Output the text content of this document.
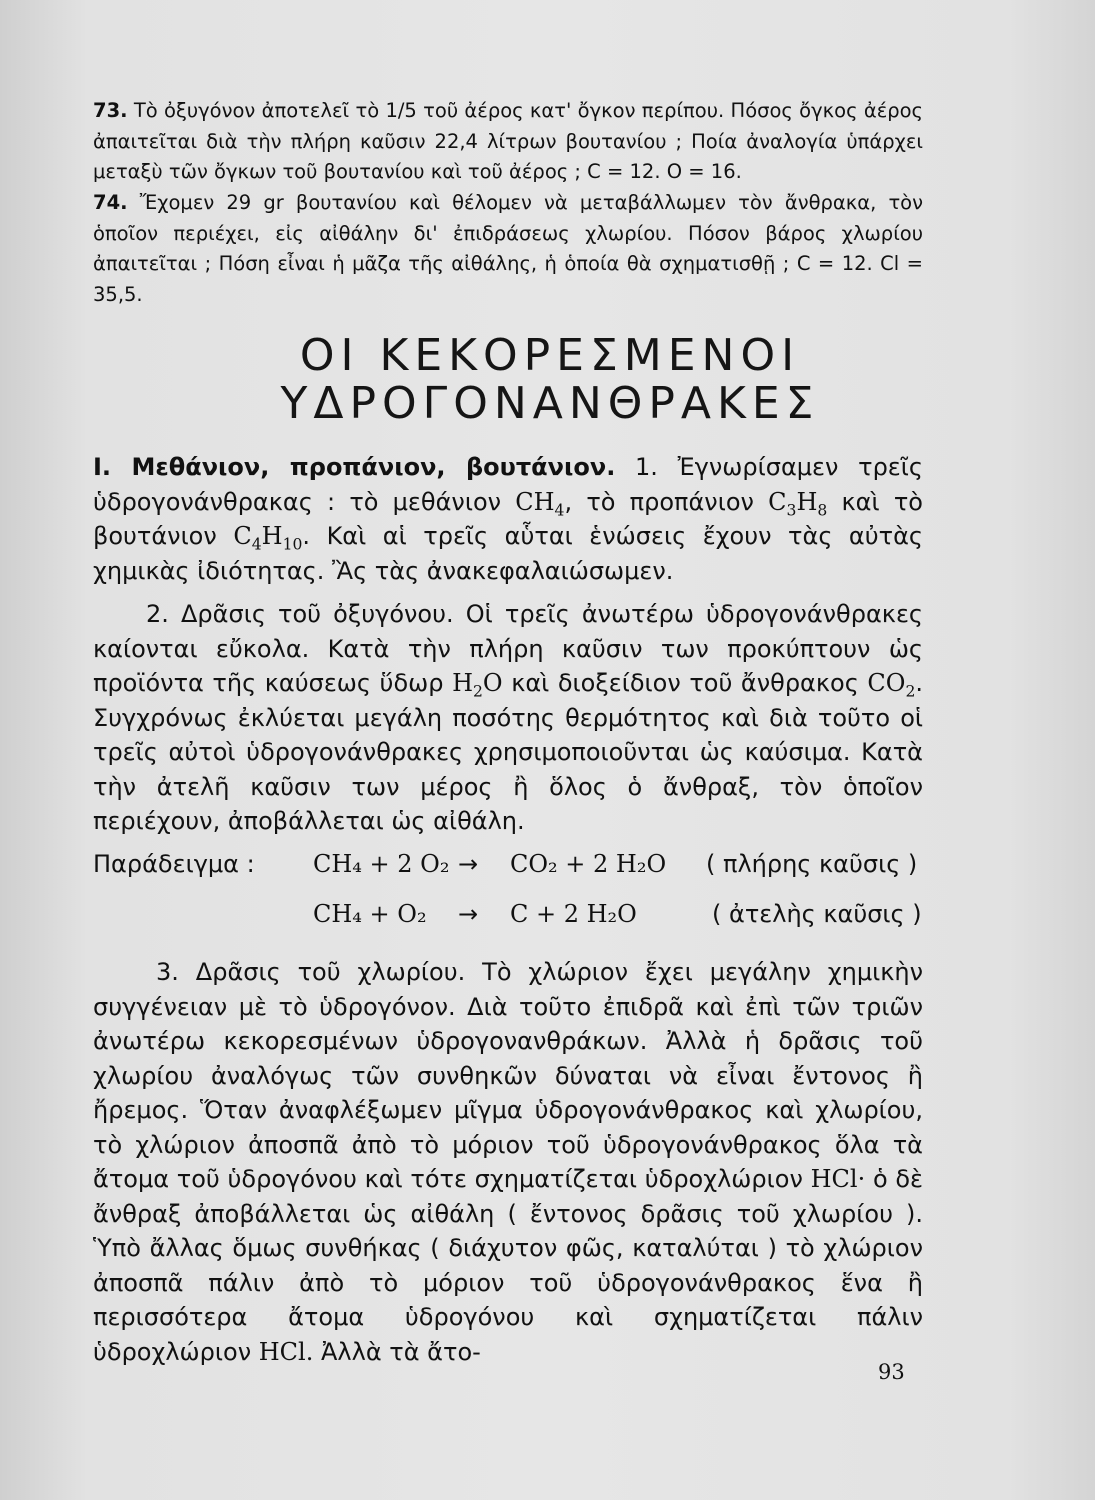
73. Τὸ ὀξυγόνον ἀποτελεῖ τὸ 1/5 τοῦ ἀέρος κατ' ὄγκον περίπου. Πόσος ὄγκος ἀέρος ἀπαιτεῖται διὰ τὴν πλήρη καῦσιν 22,4 λίτρων βουτανίου ; Ποία ἀναλογία ὑπάρχει μεταξὺ τῶν ὄγκων τοῦ βουτανίου καὶ τοῦ ἀέρος ; C = 12. O = 16.

74. Ἔχομεν 29 gr βουτανίου καὶ θέλομεν νὰ μεταβάλλωμεν τὸν ἄνθρακα, τὸν ὁποῖον περιέχει, εἰς αἰθάλην δι' ἐπιδράσεως χλωρίου. Πόσον βάρος χλωρίου ἀπαιτεῖται ; Πόση εἶναι ἡ μᾶζα τῆς αἰθάλης, ἡ ὁποία θὰ σχηματισθῇ ; C = 12. Cl = 35,5.

ΟΙ ΚΕΚΟΡΕΣΜΕΝΟΙ
ΥΔΡΟΓΟΝΑΝΘΡΑΚΕΣ

Ι. Μεθάνιον, προπάνιον, βουτάνιον. 1. Ἐγνωρίσαμεν τρεῖς ὑδρογονάνθρακας : τὸ μεθάνιον $CH_4$, τὸ προπάνιον $C_3H_8$ καὶ τὸ βουτάνιον $C_4H_{10}$. Καὶ αἱ τρεῖς αὗται ἑνώσεις ἔχουν τὰς αὐτὰς χημικὰς ἰδιότητας. Ἂς τὰς ἀνακεφαλαιώσωμεν.

2. Δρᾶσις τοῦ ὀξυγόνου. Οἱ τρεῖς ἀνωτέρω ὑδρογονάνθρακες καίονται εὔκολα. Κατὰ τὴν πλήρη καῦσιν των προκύπτουν ὡς προϊόντα τῆς καύσεως ὕδωρ $H_2O$ καὶ διοξείδιον τοῦ ἄνθρακος $CO_2$. Συγχρόνως ἐκλύεται μεγάλη ποσότης θερμότητος καὶ διὰ τοῦτο οἱ τρεῖς αὐτοὶ ὑδρογονάνθρακες χρησιμοποιοῦνται ὡς καύσιμα. Κατὰ τὴν ἀτελῆ καῦσιν των μέρος ἢ ὅλος ὁ ἄνθραξ, τὸν ὁποῖον περιέχουν, ἀποβάλλεται ὡς αἰθάλη.

Παράδειγμα : CH₄ + 2 O₂ → CO₂ + 2 H₂O ( πλήρης καῦσις )
CH₄ + O₂ → C + 2 H₂O	( ἀτελὴς καῦσις )

3. Δρᾶσις τοῦ χλωρίου. Τὸ χλώριον ἔχει μεγάλην χημικὴν συγγένειαν μὲ τὸ ὑδρογόνον. Διὰ τοῦτο ἐπιδρᾶ καὶ ἐπὶ τῶν τριῶν ἀνωτέρω κεκορεσμένων ὑδρογονανθράκων. Ἀλλὰ ἡ δρᾶσις τοῦ χλωρίου ἀναλόγως τῶν συνθηκῶν δύναται νὰ εἶναι ἔντονος ἢ ἤρεμος. Ὅταν ἀναφλέξωμεν μῖγμα ὑδρογονάνθρακος καὶ χλωρίου, τὸ χλώριον ἀποσπᾶ ἀπὸ τὸ μόριον τοῦ ὑδρογονάνθρακος ὅλα τὰ ἄτομα τοῦ ὑδρογόνου καὶ τότε σχηματίζεται ὑδροχλώριον HCl· ὁ δὲ ἄνθραξ ἀποβάλλεται ὡς αἰθάλη ( ἔντονος δρᾶσις τοῦ χλωρίου ). Ὑπὸ ἄλλας ὅμως συνθήκας ( διάχυτον φῶς, καταλύται ) τὸ χλώριον ἀποσπᾶ πάλιν ἀπὸ τὸ μόριον τοῦ ὑδρογονάνθρακος ἕνα ἢ περισσότερα ἄτομα ὑδρογόνου καὶ σχηματίζεται πάλιν ὑδροχλώριον HCl. Ἀλλὰ τὰ ἄτο-

93
